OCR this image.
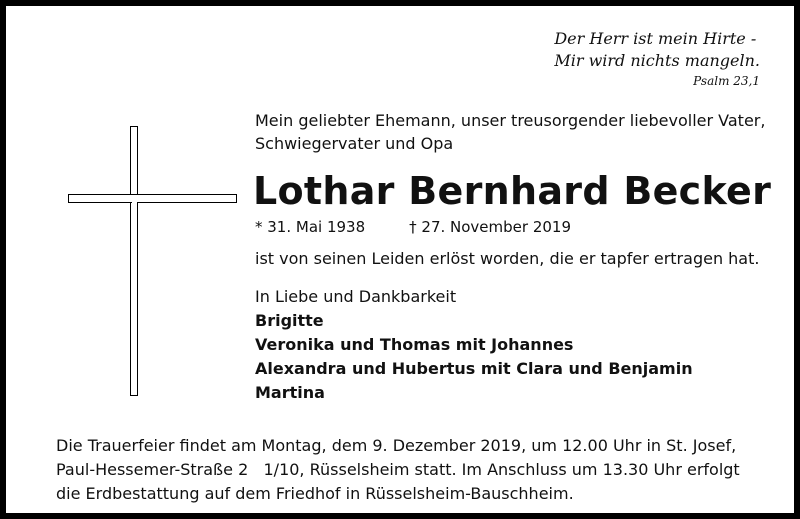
Der Herr ist mein Hirte -
Mir wird nichts mangeln.
Psalm 23,1
Mein geliebter Ehemann, unser treusorgender liebevoller Vater,
Schwiegervater und Opa
Lothar Bernhard Becker
* 31. Mai 1938	† 27. November 2019
ist von seinen Leiden erlöst worden, die er tapfer ertragen hat.
In Liebe und Dankbarkeit
Brigitte
Veronika und Thomas mit Johannes
Alexandra und Hubertus mit Clara und Benjamin
Martina
Die Trauerfeier findet am Montag, dem 9. Dezember 2019, um 12.00 Uhr in St. Josef,
Paul-Hessemer-Straße 2   1/10, Rüsselsheim statt. Im Anschluss um 13.30 Uhr erfolgt
die Erdbestattung auf dem Friedhof in Rüsselsheim-Bauschheim.
